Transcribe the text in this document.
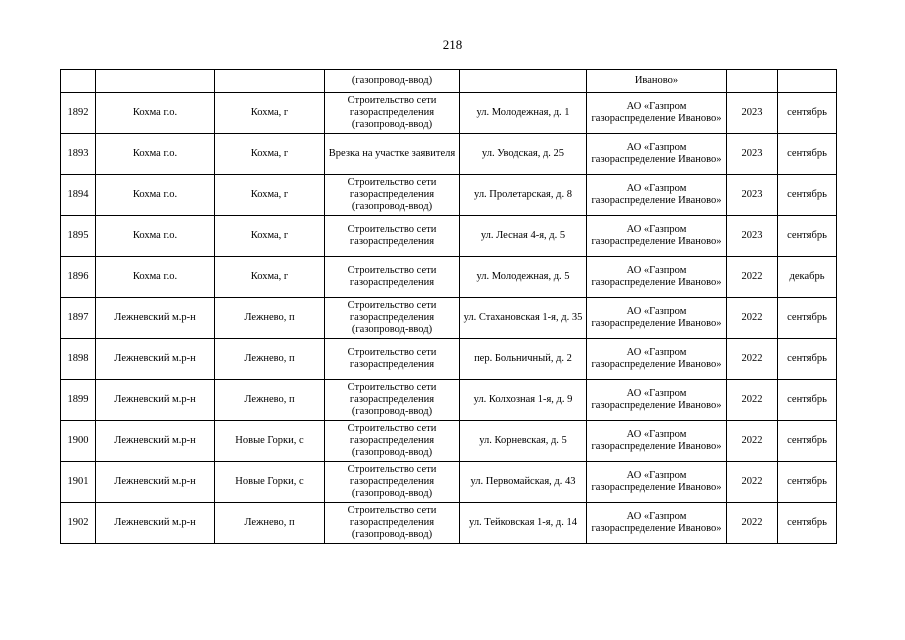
218
			(газопровод-ввод)		Иваново»		
1892	Кохма г.о.	Кохма, г	Строительство сети газораспределения (газопровод-ввод)	ул. Молодежная, д. 1	АО «Газпром газораспределение Иваново»	2023	сентябрь
1893	Кохма г.о.	Кохма, г	Врезка на участке заявителя	ул. Уводская, д. 25	АО «Газпром газораспределение Иваново»	2023	сентябрь
1894	Кохма г.о.	Кохма, г	Строительство сети газораспределения (газопровод-ввод)	ул. Пролетарская, д. 8	АО «Газпром газораспределение Иваново»	2023	сентябрь
1895	Кохма г.о.	Кохма, г	Строительство сети газораспределения	ул. Лесная 4-я, д. 5	АО «Газпром газораспределение Иваново»	2023	сентябрь
1896	Кохма г.о.	Кохма, г	Строительство сети газораспределения	ул. Молодежная, д. 5	АО «Газпром газораспределение Иваново»	2022	декабрь
1897	Лежневский м.р-н	Лежнево, п	Строительство сети газораспределения (газопровод-ввод)	ул. Стахановская 1-я, д. 35	АО «Газпром газораспределение Иваново»	2022	сентябрь
1898	Лежневский м.р-н	Лежнево, п	Строительство сети газораспределения	пер. Больничный, д. 2	АО «Газпром газораспределение Иваново»	2022	сентябрь
1899	Лежневский м.р-н	Лежнево, п	Строительство сети газораспределения (газопровод-ввод)	ул. Колхозная 1-я, д. 9	АО «Газпром газораспределение Иваново»	2022	сентябрь
1900	Лежневский м.р-н	Новые Горки, с	Строительство сети газораспределения (газопровод-ввод)	ул. Корневская, д. 5	АО «Газпром газораспределение Иваново»	2022	сентябрь
1901	Лежневский м.р-н	Новые Горки, с	Строительство сети газораспределения (газопровод-ввод)	ул. Первомайская, д. 43	АО «Газпром газораспределение Иваново»	2022	сентябрь
1902	Лежневский м.р-н	Лежнево, п	Строительство сети газораспределения (газопровод-ввод)	ул. Тейковская 1-я, д. 14	АО «Газпром газораспределение Иваново»	2022	сентябрь
